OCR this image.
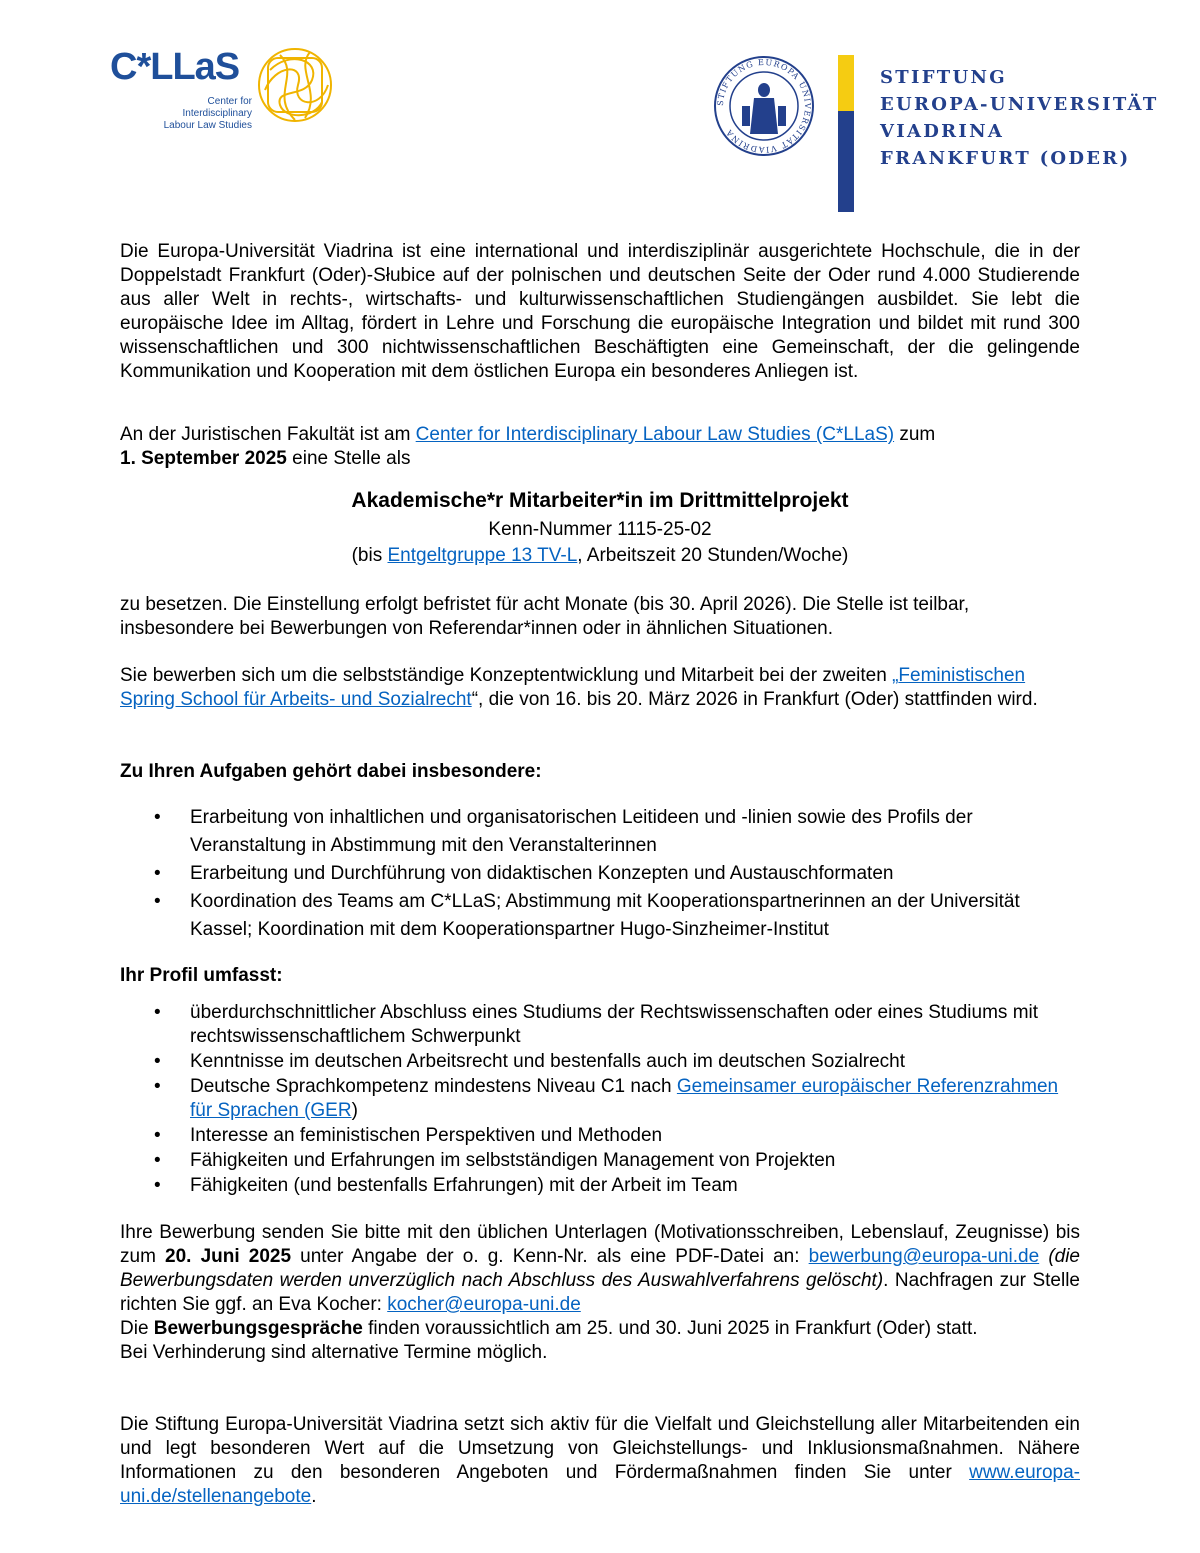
C*LLaS
Center for Interdisciplinary
Labour Law Studies
STIFTUNG EUROPA UNIVERSITÄT VIADRINA
STIFTUNG
EUROPA-UNIVERSITÄT
VIADRINA
FRANKFURT (ODER)
Die Europa-Universität Viadrina ist eine international und interdisziplinär ausgerichtete Hochschule, die in der Doppelstadt Frankfurt (Oder)-Słubice auf der polnischen und deutschen Seite der Oder rund 4.000 Studierende aus aller Welt in rechts-, wirtschafts- und kulturwissenschaftlichen Studiengängen ausbildet. Sie lebt die europäische Idee im Alltag, fördert in Lehre und Forschung die europäische Integration und bildet mit rund 300 wissenschaftlichen und 300 nichtwissenschaftlichen Beschäftigten eine Gemeinschaft, der die gelingende Kommunikation und Kooperation mit dem östlichen Europa ein besonderes Anliegen ist.
An der Juristischen Fakultät ist am Center for Interdisciplinary Labour Law Studies (C*LLaS) zum
1. September 2025 eine Stelle als
Akademische*r Mitarbeiter*in im Drittmittelprojekt
Kenn-Nummer 1115-25-02
(bis Entgeltgruppe 13 TV-L, Arbeitszeit 20 Stunden/Woche)
zu besetzen. Die Einstellung erfolgt befristet für acht Monate (bis 30. April 2026). Die Stelle ist teilbar, insbesondere bei Bewerbungen von Referendar*innen oder in ähnlichen Situationen.
Sie bewerben sich um die selbstständige Konzeptentwicklung und Mitarbeit bei der zweiten „Feministischen Spring School für Arbeits- und Sozialrecht“, die von 16. bis 20. März 2026 in Frankfurt (Oder) stattfinden wird.
Zu Ihren Aufgaben gehört dabei insbesondere:
• Erarbeitung von inhaltlichen und organisatorischen Leitideen und -linien sowie des Profils der Veranstaltung in Abstimmung mit den Veranstalterinnen
• Erarbeitung und Durchführung von didaktischen Konzepten und Austauschformaten
• Koordination des Teams am C*LLaS; Abstimmung mit Kooperationspartnerinnen an der Universität Kassel; Koordination mit dem Kooperationspartner Hugo-Sinzheimer-Institut
Ihr Profil umfasst:
• überdurchschnittlicher Abschluss eines Studiums der Rechtswissenschaften oder eines Studiums mit rechtswissenschaftlichem Schwerpunkt
• Kenntnisse im deutschen Arbeitsrecht und bestenfalls auch im deutschen Sozialrecht
• Deutsche Sprachkompetenz mindestens Niveau C1 nach Gemeinsamer europäischer Referenzrahmen für Sprachen (GER)
• Interesse an feministischen Perspektiven und Methoden
• Fähigkeiten und Erfahrungen im selbstständigen Management von Projekten
• Fähigkeiten (und bestenfalls Erfahrungen) mit der Arbeit im Team
Ihre Bewerbung senden Sie bitte mit den üblichen Unterlagen (Motivationsschreiben, Lebenslauf, Zeugnisse) bis zum 20. Juni 2025 unter Angabe der o. g. Kenn-Nr. als eine PDF-Datei an: bewerbung@europa-uni.de (die Bewerbungsdaten werden unverzüglich nach Abschluss des Auswahlverfahrens gelöscht). Nachfragen zur Stelle richten Sie ggf. an Eva Kocher: kocher@europa-uni.de
Die Bewerbungsgespräche finden voraussichtlich am 25. und 30. Juni 2025 in Frankfurt (Oder) statt.
Bei Verhinderung sind alternative Termine möglich.
Die Stiftung Europa-Universität Viadrina setzt sich aktiv für die Vielfalt und Gleichstellung aller Mitarbeitenden ein und legt besonderen Wert auf die Umsetzung von Gleichstellungs- und Inklusionsmaßnahmen. Nähere Informationen zu den besonderen Angeboten und Fördermaßnahmen finden Sie unter www.europa-uni.de/stellenangebote.
